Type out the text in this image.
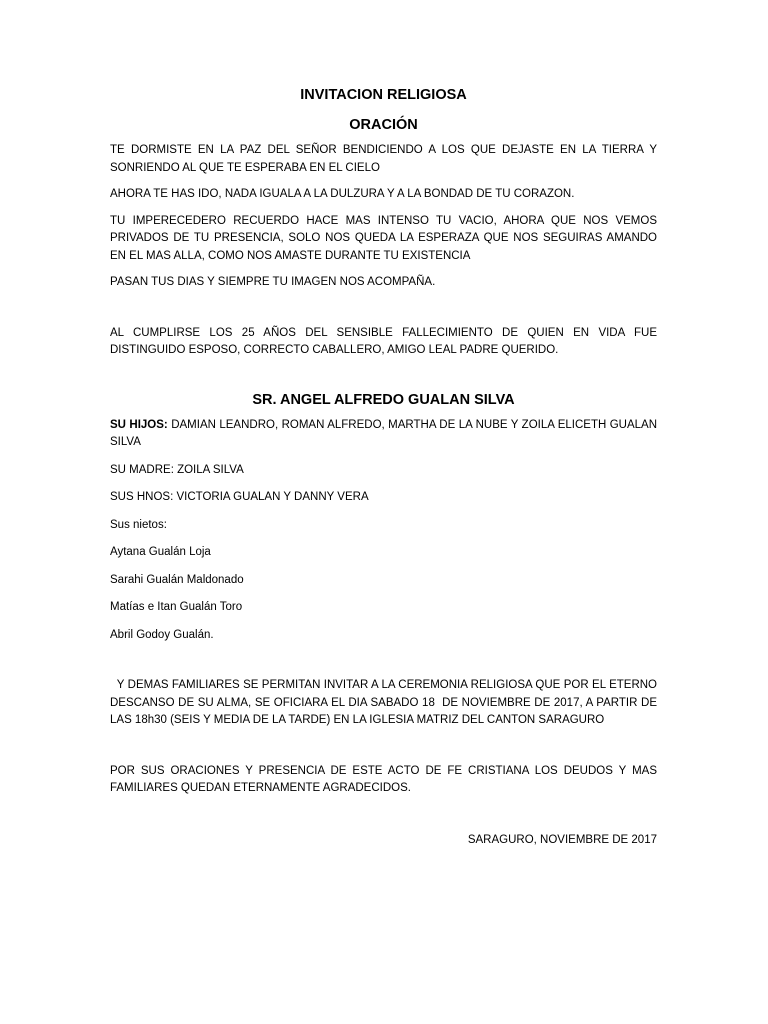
INVITACION RELIGIOSA
ORACIÓN

TE DORMISTE EN LA PAZ DEL SEÑOR BENDICIENDO A LOS QUE DEJASTE EN LA TIERRA Y SONRIENDO AL QUE TE ESPERABA EN EL CIELO

AHORA TE HAS IDO, NADA IGUALA A LA DULZURA Y A LA BONDAD DE TU CORAZON.

TU IMPERECEDERO RECUERDO HACE MAS INTENSO TU VACIO, AHORA QUE NOS VEMOS PRIVADOS DE TU PRESENCIA, SOLO NOS QUEDA LA ESPERAZA QUE NOS SEGUIRAS AMANDO EN EL MAS ALLA, COMO NOS AMASTE DURANTE TU EXISTENCIA

PASAN TUS DIAS Y SIEMPRE TU IMAGEN NOS ACOMPAÑA.

AL CUMPLIRSE LOS 25 AÑOS DEL SENSIBLE FALLECIMIENTO DE QUIEN EN VIDA FUE DISTINGUIDO ESPOSO, CORRECTO CABALLERO, AMIGO LEAL PADRE QUERIDO.

SR. ANGEL ALFREDO GUALAN SILVA

SU HIJOS: DAMIAN LEANDRO, ROMAN ALFREDO, MARTHA DE LA NUBE Y ZOILA ELICETH GUALAN SILVA

SU MADRE: ZOILA SILVA

SUS HNOS: VICTORIA GUALAN Y DANNY VERA

Sus nietos:

Aytana Gualán Loja

Sarahi Gualán Maldonado

Matías e Itan Gualán Toro

Abril Godoy Gualán.

Y DEMAS FAMILIARES SE PERMITAN INVITAR A LA CEREMONIA RELIGIOSA QUE POR EL ETERNO DESCANSO DE SU ALMA, SE OFICIARA EL DIA SABADO 18  DE NOVIEMBRE DE 2017, A PARTIR DE LAS 18h30 (SEIS Y MEDIA DE LA TARDE) EN LA IGLESIA MATRIZ DEL CANTON SARAGURO

POR SUS ORACIONES Y PRESENCIA DE ESTE ACTO DE FE CRISTIANA LOS DEUDOS Y MAS FAMILIARES QUEDAN ETERNAMENTE AGRADECIDOS.

SARAGURO, NOVIEMBRE DE 2017
